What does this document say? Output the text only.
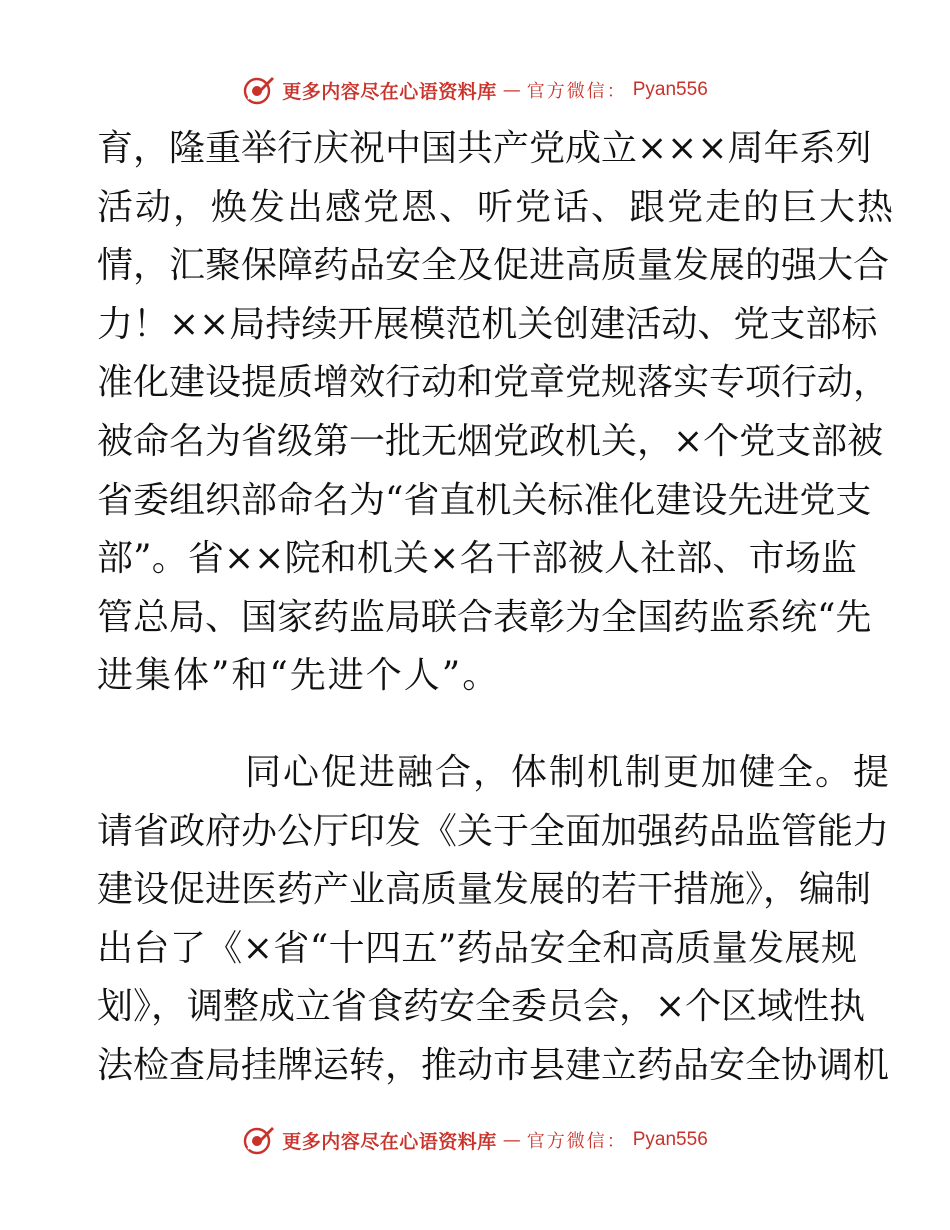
更多内容尽在心语资料库 — 官方微信： Pyan556
育，隆重举行庆祝中国共产党成立×××周年系列
活动，焕发出感党恩、听党话、跟党走的巨大热
情，汇聚保障药品安全及促进高质量发展的强大合
力！××局持续开展模范机关创建活动、党支部标
准化建设提质增效行动和党章党规落实专项行动，
被命名为省级第一批无烟党政机关，×个党支部被
省委组织部命名为“省直机关标准化建设先进党支
部”。省××院和机关×名干部被人社部、市场监
管总局、国家药监局联合表彰为全国药监系统“先
进集体”和“先进个人”。
同心促进融合，体制机制更加健全。提
请省政府办公厅印发《关于全面加强药品监管能力
建设促进医药产业高质量发展的若干措施》，编制
出台了《×省“十四五”药品安全和高质量发展规
划》，调整成立省食药安全委员会，×个区域性执
法检查局挂牌运转，推动市县建立药品安全协调机
更多内容尽在心语资料库 — 官方微信： Pyan556
